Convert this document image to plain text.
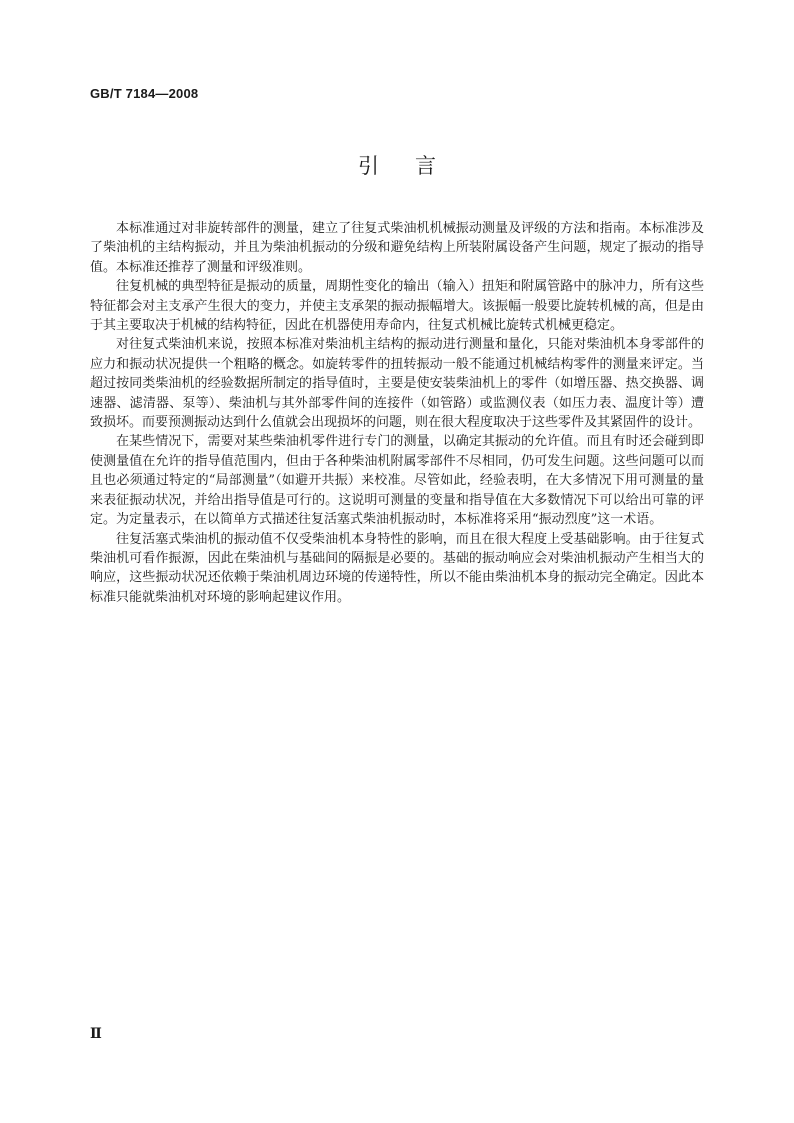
GB/T 7184—2008
引言

本标准通过对非旋转部件的测量，建立了往复式柴油机机械振动测量及评级的方法和指南。本标准涉及了柴油机的主结构振动，并且为柴油机振动的分级和避免结构上所装附属设备产生问题，规定了振动的指导值。本标准还推荐了测量和评级准则。

往复机械的典型特征是振动的质量，周期性变化的输出（输入）扭矩和附属管路中的脉冲力，所有这些特征都会对主支承产生很大的变力，并使主支承架的振动振幅增大。该振幅一般要比旋转机械的高，但是由于其主要取决于机械的结构特征，因此在机器使用寿命内，往复式机械比旋转式机械更稳定。

对往复式柴油机来说，按照本标准对柴油机主结构的振动进行测量和量化，只能对柴油机本身零部件的应力和振动状况提供一个粗略的概念。如旋转零件的扭转振动一般不能通过机械结构零件的测量来评定。当超过按同类柴油机的经验数据所制定的指导值时，主要是使安装柴油机上的零件（如增压器、热交换器、调速器、滤清器、泵等）、柴油机与其外部零件间的连接件（如管路）或监测仪表（如压力表、温度计等）遭致损坏。而要预测振动达到什么值就会出现损坏的问题，则在很大程度取决于这些零件及其紧固件的设计。

在某些情况下，需要对某些柴油机零件进行专门的测量，以确定其振动的允许值。而且有时还会碰到即使测量值在允许的指导值范围内，但由于各种柴油机附属零部件不尽相同，仍可发生问题。这些问题可以而且也必须通过特定的“局部测量”（如避开共振）来校准。尽管如此，经验表明，在大多情况下用可测量的量来表征振动状况，并给出指导值是可行的。这说明可测量的变量和指导值在大多数情况下可以给出可靠的评定。为定量表示，在以简单方式描述往复活塞式柴油机振动时，本标准将采用“振动烈度”这一术语。

往复活塞式柴油机的振动值不仅受柴油机本身特性的影响，而且在很大程度上受基础影响。由于往复式柴油机可看作振源，因此在柴油机与基础间的隔振是必要的。基础的振动响应会对柴油机振动产生相当大的响应，这些振动状况还依赖于柴油机周边环境的传递特性，所以不能由柴油机本身的振动完全确定。因此本标准只能就柴油机对环境的影响起建议作用。

Ⅱ
